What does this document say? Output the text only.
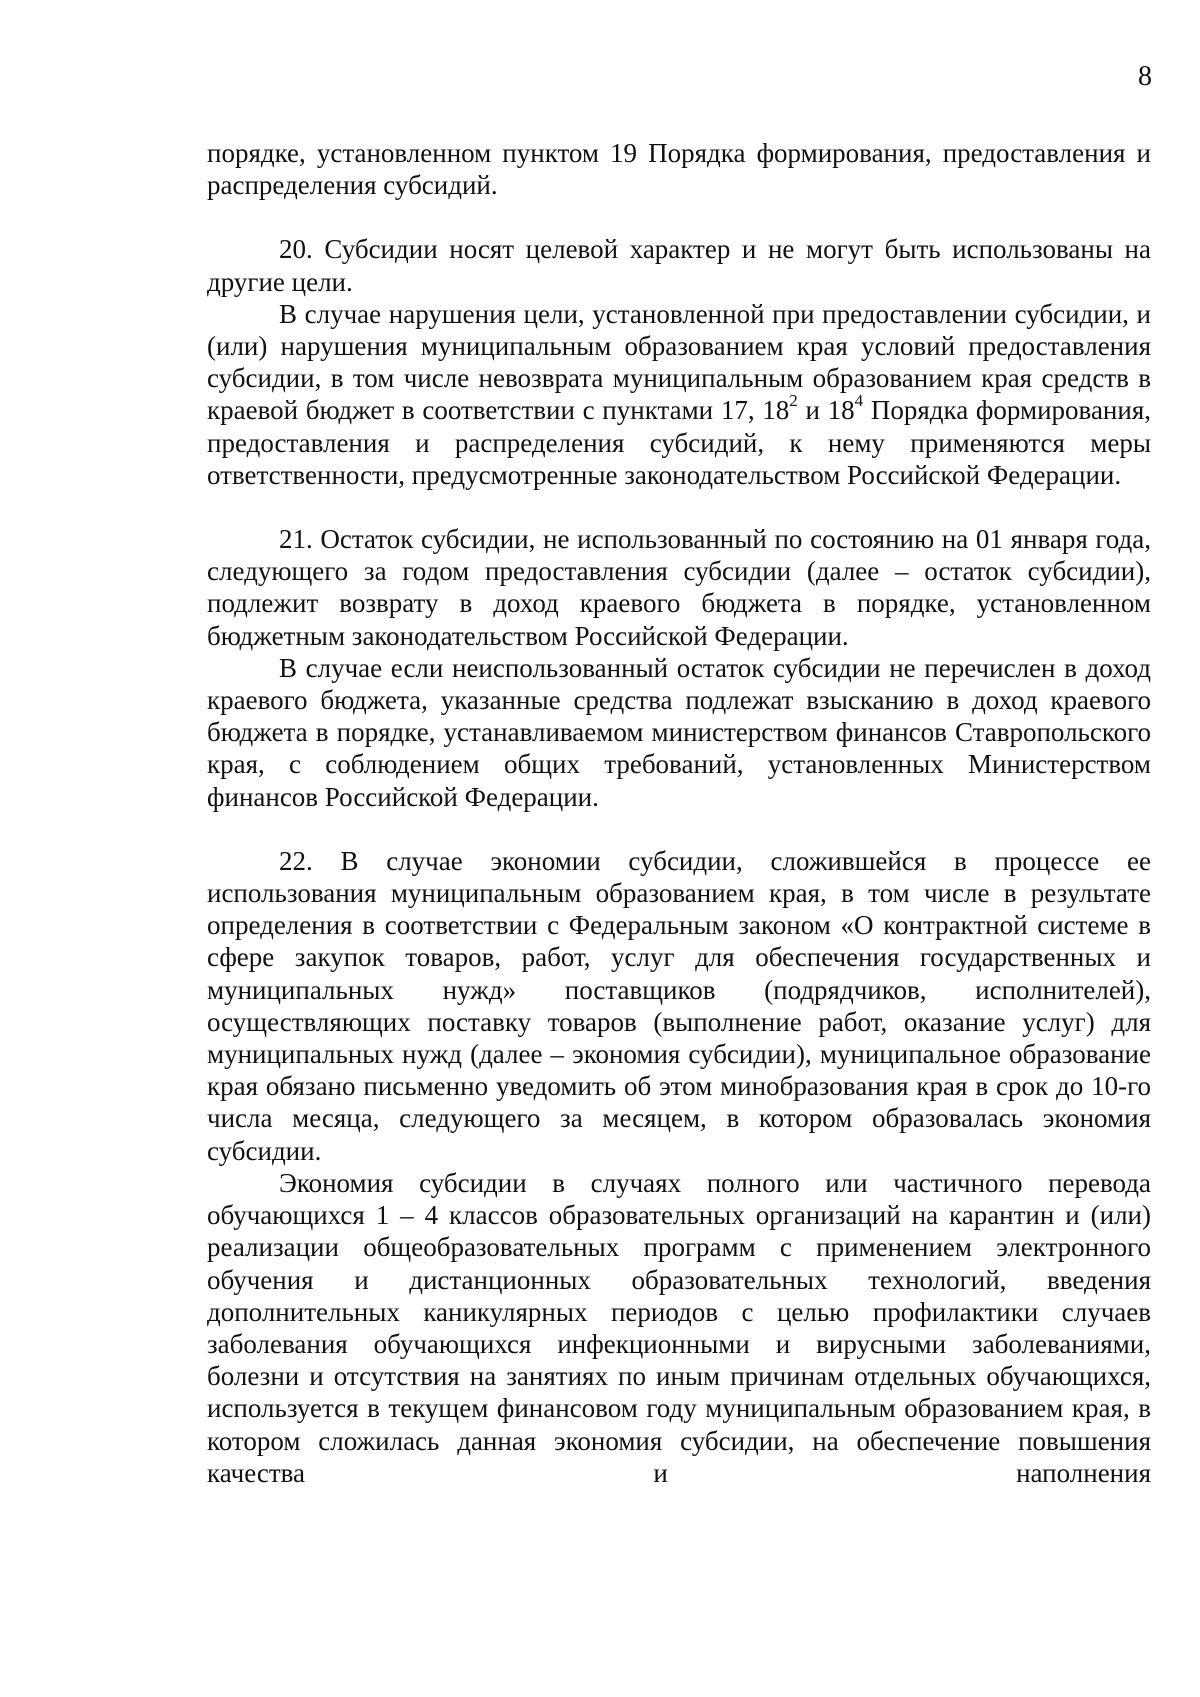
8

порядке, установленном пунктом 19 Порядка формирования, предоставления и распределения субсидий.

20. Субсидии носят целевой характер и не могут быть использованы на другие цели.

В случае нарушения цели, установленной при предоставлении субсидии, и (или) нарушения муниципальным образованием края условий предоставления субсидии, в том числе невозврата муниципальным образованием края средств в краевой бюджет в соответствии с пунктами 17, $18^2$ и $18^4$ Порядка формирования, предоставления и распределения субсидий, к нему применяются меры ответственности, предусмотренные законодательством Российской Федерации.

21. Остаток субсидии, не использованный по состоянию на 01 января года, следующего за годом предоставления субсидии (далее – остаток субсидии), подлежит возврату в доход краевого бюджета в порядке, установленном бюджетным законодательством Российской Федерации.

В случае если неиспользованный остаток субсидии не перечислен в доход краевого бюджета, указанные средства подлежат взысканию в доход краевого бюджета в порядке, устанавливаемом министерством финансов Ставропольского края, с соблюдением общих требований, установленных Министерством финансов Российской Федерации.

22. В случае экономии субсидии, сложившейся в процессе ее использования муниципальным образованием края, в том числе в результате определения в соответствии с Федеральным законом «О контрактной системе в сфере закупок товаров, работ, услуг для обеспечения государственных и муниципальных нужд» поставщиков (подрядчиков, исполнителей), осуществляющих поставку товаров (выполнение работ, оказание услуг) для муниципальных нужд (далее – экономия субсидии), муниципальное образование края обязано письменно уведомить об этом минобразования края в срок до 10-го числа месяца, следующего за месяцем, в котором образовалась экономия субсидии.

Экономия субсидии в случаях полного или частичного перевода обучающихся 1 – 4 классов образовательных организаций на карантин и (или) реализации общеобразовательных программ с применением электронного обучения и дистанционных образовательных технологий, введения дополнительных каникулярных периодов с целью профилактики случаев заболевания обучающихся инфекционными и вирусными заболеваниями, болезни и отсутствия на занятиях по иным причинам отдельных обучающихся, используется в текущем финансовом году муниципальным образованием края, в котором сложилась данная экономия субсидии, на обеспечение повышения качества и наполнения
